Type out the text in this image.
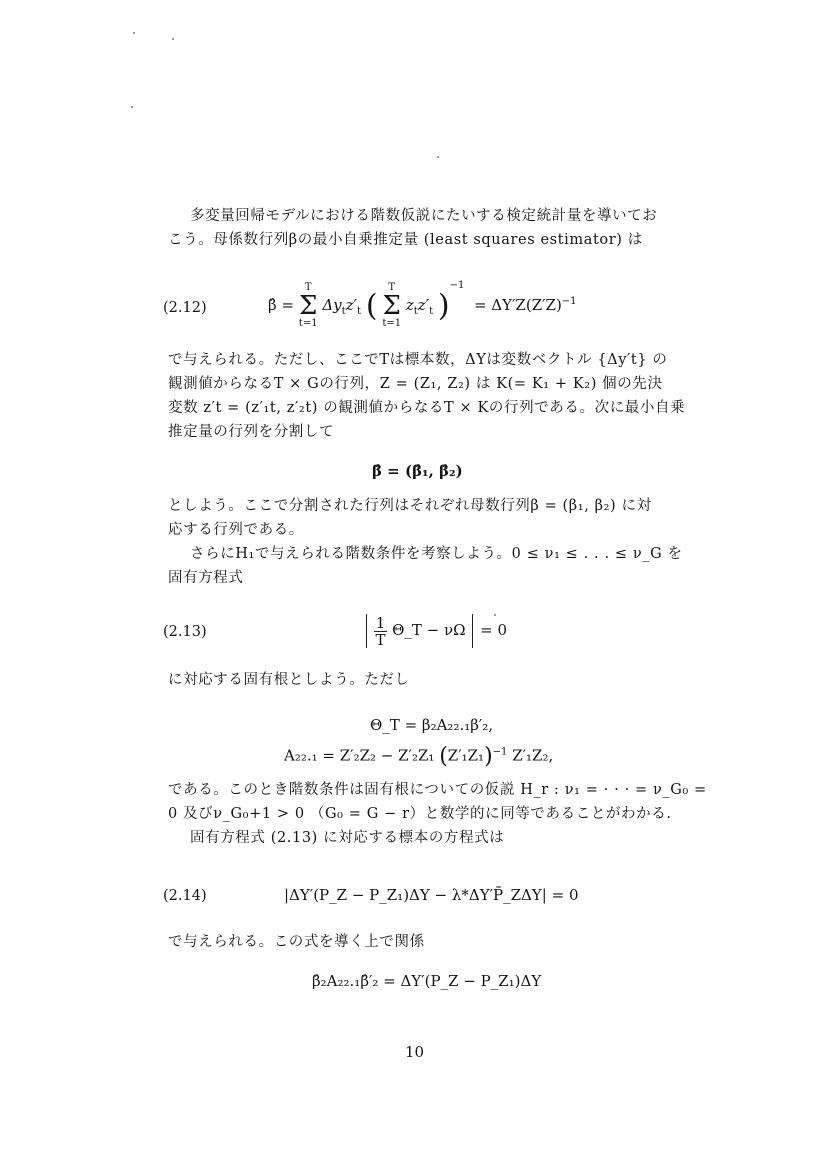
多変量回帰モデルにおける階数仮説にたいする検定統計量を導いてお
こう。母係数行列βの最小自乗推定量 (least squares estimator) は
(2.12)	β̂ = T
Σ
t=1 $\Delta y_tz'_t$ ( T
Σ
t=1 $z_tz'_t$ )$^{-1} = \Delta Y'Z(Z'Z)^{-1}$
で与えられる。ただし、ここでTは標本数，ΔYは変数ベクトル {Δy′t} の
観測値からなるT × Gの行列，Z = (Z₁, Z₂) は K(= K₁ + K₂) 個の先決
変数 z′t = (z′₁t, z′₂t) の観測値からなるT × Kの行列である。次に最小自乗
推定量の行列を分割して
β̂ = (β̂₁, β̂₂)
としよう。ここで分割された行列はそれぞれ母数行列β = (β₁, β₂) に対
応する行列である。
さらにH₁で与えられる階数条件を考察しよう。0 ≤ ν₁ ≤ . . . ≤ ν_G を
固有方程式
(2.13)
	$\frac{1}{T}$ Θ_T − νΩ = 0
に対応する固有根としよう。ただし
Θ_T = β₂A₂₂.₁β′₂,
A₂₂.₁ = Z′₂Z₂ − Z′₂Z₁ $(Z'_1Z_1)^{-1}$ Z′₁Z₂,
である。このとき階数条件は固有根についての仮説 H_r : ν₁ = · · · = ν_G₀ =
0 及びν_G₀+1 > 0 （G₀ = G − r）と数学的に同等であることがわかる.
固有方程式 (2.13) に対応する標本の方程式は
(2.14)	|ΔY′(P_Z − P_Z₁)ΔY − λ*ΔY′P̄_ZΔY| = 0
で与えられる。この式を導く上で関係
β̂₂A₂₂.₁β̂′₂ = ΔY′(P_Z − P_Z₁)ΔY
10
